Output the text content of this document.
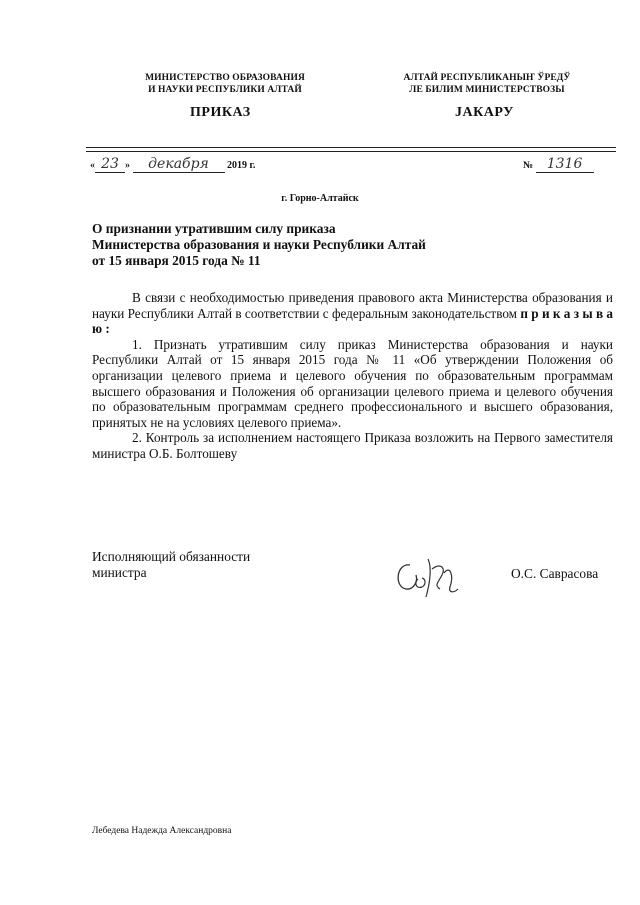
МИНИСТЕРСТВО ОБРАЗОВАНИЯ
И НАУКИ РЕСПУБЛИКИ АЛТАЙ
ПРИКАЗ
АЛТАЙ РЕСПУБЛИКАНЫҤ ЎРЕДЎ
ЛЕ БИЛИМ МИНИСТЕРСТВОЗЫ
JАКАРУ
« 23 » декабря 2019 г.	№ 1316
г. Горно-Алтайск
О признании утратившим силу приказа
Министерства образования и науки Республики Алтай
от 15 января 2015 года № 11

В связи с необходимостью приведения правового акта Министерства образования и науки Республики Алтай в соответствии с федеральным законодательством п р и к а з ы в а ю :

1. Признать утратившим силу приказ Министерства образования и науки Республики Алтай от 15 января 2015 года № 11 «Об утверждении Положения об организации целевого приема и целевого обучения по образовательным программам высшего образования и Положения об организации целевого приема и целевого обучения по образовательным программам среднего профессионального и высшего образования, принятых не на условиях целевого приема».

2. Контроль за исполнением настоящего Приказа возложить на Первого заместителя министра О.Б. Болтошеву

Исполняющий обязанности
министра	О.С. Саврасова
Лебедева Надежда Александровна
